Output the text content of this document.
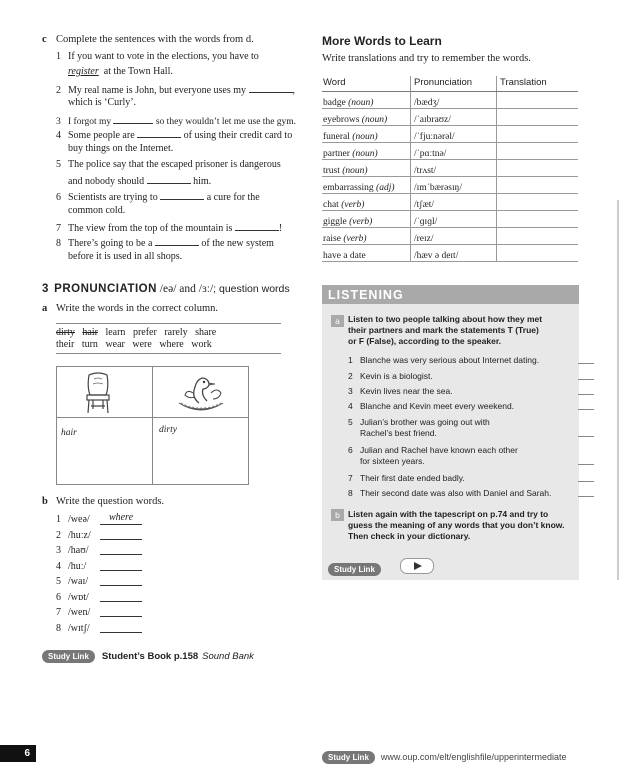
c Complete the sentences with the words from d.
1 If you want to vote in the elections, you have to
register at the Town Hall.
2 My real name is John, but everyone uses my	,
which is ‘Curly’.
3 I forgot my	so they wouldn’t let me use the gym.
4 Some people are	of using their credit card to
buy things on the Internet.
5 The police say that the escaped prisoner is dangerous
and nobody should	him.
6 Scientists are trying to	a cure for the
common cold.
7 The view from the top of the mountain is	!
8 There’s going to be a	of the new system
before it is used in all shops.
3 PRONUNCIATION /eə/ and /ɜː/; question words
a Write the words in the correct column.
dirty hair learn prefer rarely share
their turn wear were where work
hair	dirty
b Write the question words.
1 /weə/	where
2 /huːz/
3 /haʊ/
4 /huː/
5 /waɪ/
6 /wɒt/
7 /wen/
8 /wɪtʃ/
Study Link Student’s Book p.158 Sound Bank
More Words to Learn
Write translations and try to remember the words.
Word	Pronunciation	Translation
badge (noun)	/bædʒ/	
eyebrows (noun)	/ˈaɪbraʊz/	
funeral (noun)	/ˈfjuːnərəl/	
partner (noun)	/ˈpɑːtnə/	
trust (noun)	/trʌst/	
embarrassing (adj)	/ɪmˈbærəsɪŋ/	
chat (verb)	/tʃæt/	
giggle (verb)	/ˈɡɪɡl/	
raise (verb)	/reɪz/	
have a date	/hæv ə deɪt/	
LISTENING
a Listen to two people talking about how they met
their partners and mark the statements T (True)
or F (False), according to the speaker.
1 Blanche was very serious about Internet dating.
2 Kevin is a biologist.
3 Kevin lives near the sea.
4 Blanche and Kevin meet every weekend.
5 Julian’s brother was going out with
Rachel’s best friend.
6 Julian and Rachel have known each other
for sixteen years.
7 Their first date ended badly.
8 Their second date was also with Daniel and Sarah.
b Listen again with the tapescript on p.74 and try to
guess the meaning of any words that you don’t know.
Then check in your dictionary.
Study Link
6	Study Link www.oup.com/elt/englishfile/upperintermediate
